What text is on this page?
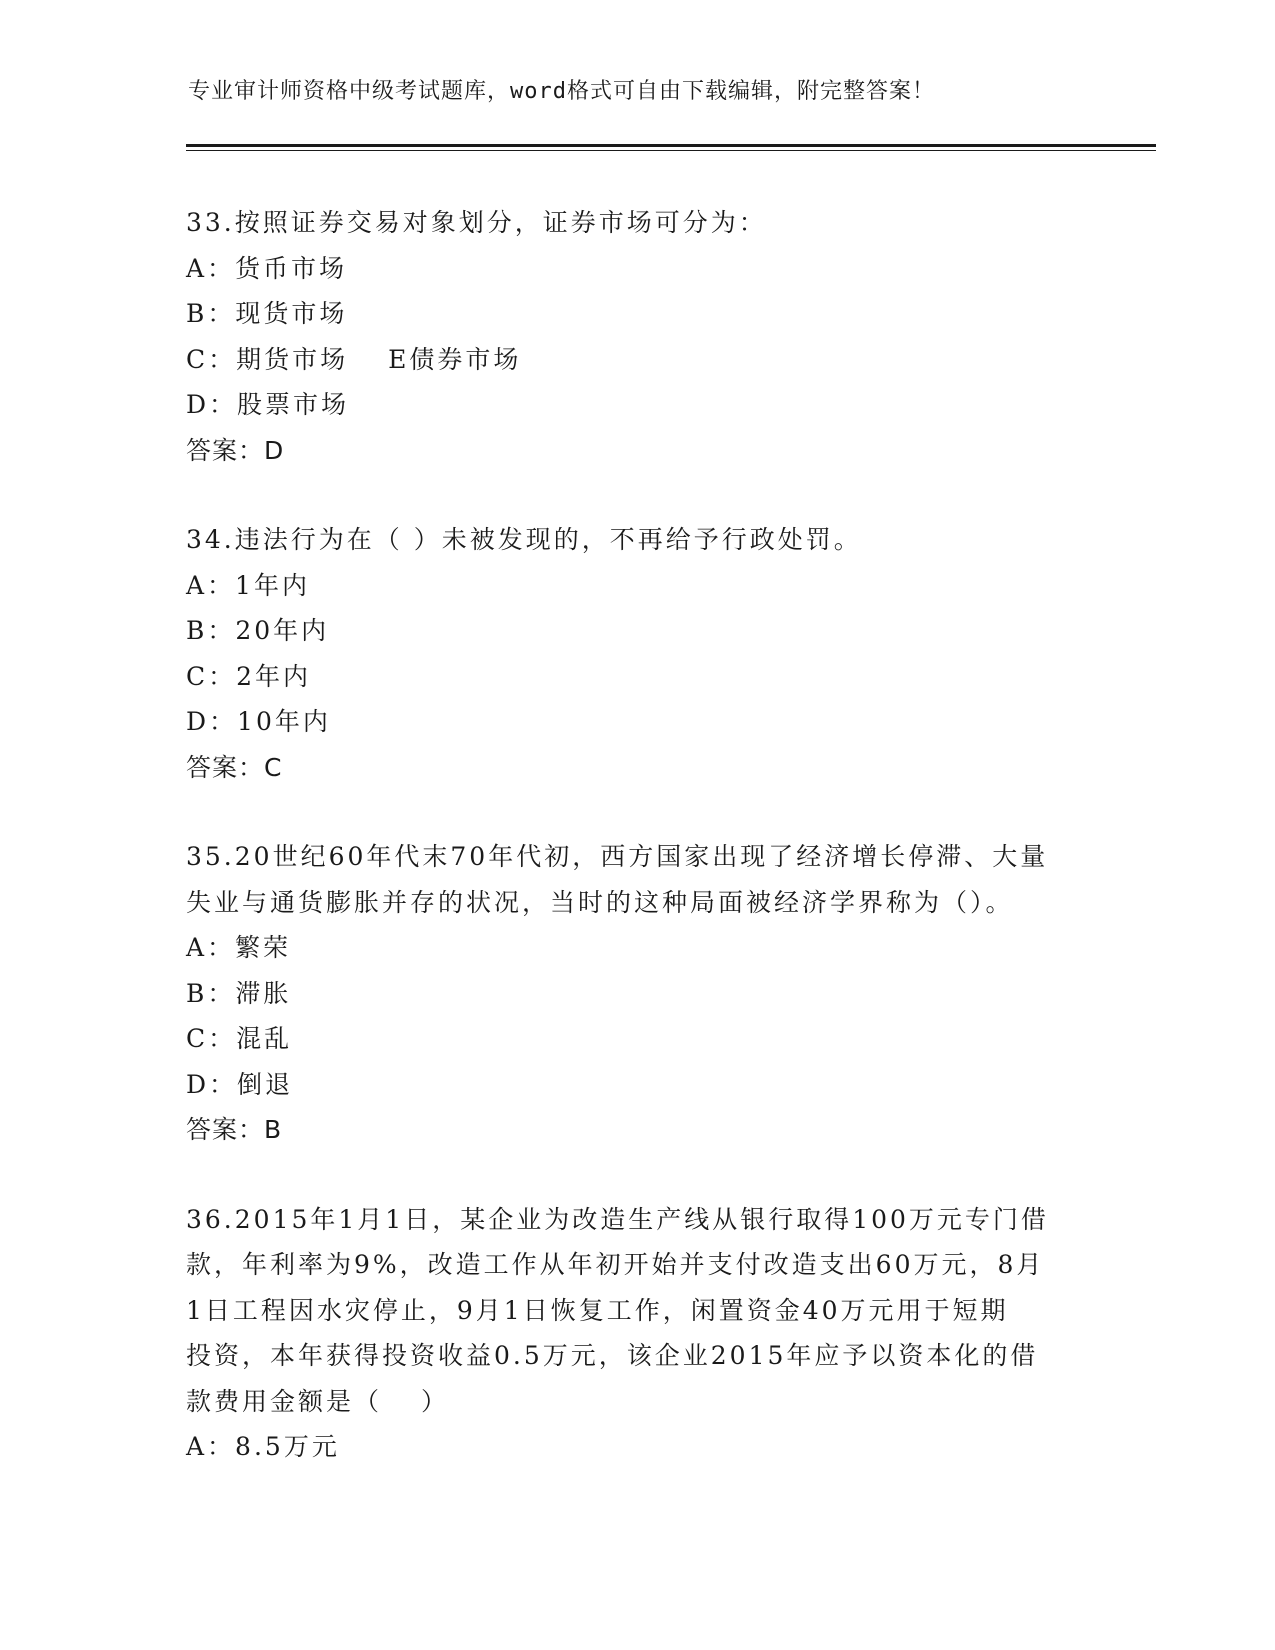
专业审计师资格中级考试题库，word格式可自由下载编辑，附完整答案！
33.按照证券交易对象划分，证券市场可分为：
A：货币市场
B：现货市场
C：期货市场 E债券市场
D：股票市场
答案：D
34.违法行为在（ ）未被发现的，不再给予行政处罚。
A：1年内
B：20年内
C：2年内
D：10年内
答案：C
35.20世纪60年代末70年代初，西方国家出现了经济增长停滞、大量
失业与通货膨胀并存的状况，当时的这种局面被经济学界称为（）。
A：繁荣
B：滞胀
C：混乱
D：倒退
答案：B
36.2015年1月1日，某企业为改造生产线从银行取得100万元专门借
款，年利率为9%，改造工作从年初开始并支付改造支出60万元，8月
1日工程因水灾停止，9月1日恢复工作，闲置资金40万元用于短期
投资，本年获得投资收益0.5万元，该企业2015年应予以资本化的借
款费用金额是（　 ）
A：8.5万元
